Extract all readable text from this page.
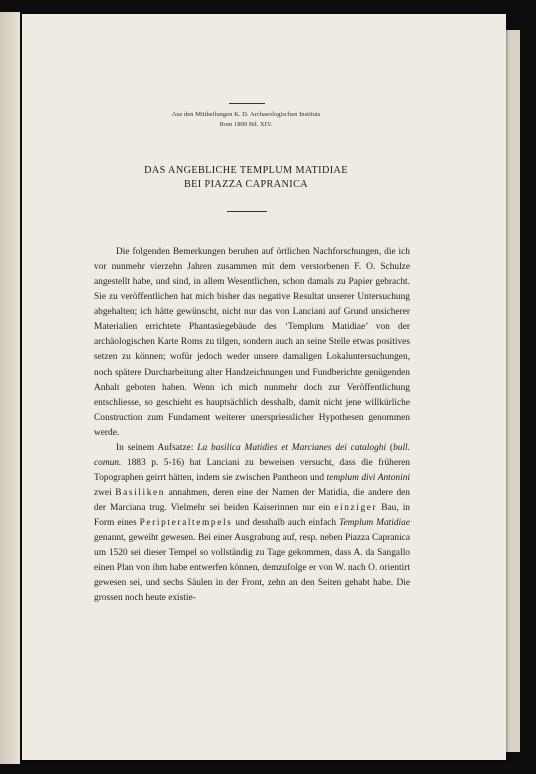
Aus den Mittheilungen K. D. Archaeologischen Instituts
Rom 1899 Bd. XIV.
DAS ANGEBLICHE TEMPLUM MATIDIAE
BEI PIAZZA CAPRANICA

Die folgenden Bemerkungen beruhen auf örtlichen Nachforschungen, die ich vor nunmehr vierzehn Jahren zusammen mit dem verstorbenen F. O. Schulze angestellt habe, und sind, in allem Wesentlichen, schon damals zu Papier gebracht. Sie zu veröffentlichen hat mich bisher das negative Resultat unserer Untersuchung abgehalten; ich hätte gewünscht, nicht nur das von Lanciani auf Grund unsicherer Materialien errichtete Phantasiegebäude des ‘Templum Matidiae’ von der archäologischen Karte Roms zu tilgen, sondern auch an seine Stelle etwas positives setzen zu können; wofür jedoch weder unsere damaligen Lokaluntersuchungen, noch spätere Durcharbeitung alter Handzeichnungen und Fundberichte genügenden Anhalt geboten haben. Wenn ich mich nunmehr doch zur Veröffentlichung entschliesse, so geschieht es hauptsächlich desshalb, damit nicht jene willkürliche Construction zum Fundament weiterer unerspriesslicher Hypothesen genommen werde.

In seinem Aufsatze: La basilica Matidies et Marcianes dei cataloghi (bull. comun. 1883 p. 5-16) hat Lanciani zu beweisen versucht, dass die früheren Topographen geirrt hätten, indem sie zwischen Pantheon und templum divi Antonini zwei Basiliken annahmen, deren eine der Namen der Matidia, die andere den der Marciana trug. Vielmehr sei beiden Kaiserinnen nur ein einziger Bau, in Form eines Peripteraltempels und desshalb auch einfach Templum Matidiae genannt, geweiht gewesen. Bei einer Ausgrabung auf, resp. neben Piazza Capranica um 1520 sei dieser Tempel so vollständig zu Tage gekommen, dass A. da Sangallo einen Plan von ihm habe entwerfen können, demzufolge er von W. nach O. orientirt gewesen sei, und sechs Säulen in der Front, zehn an den Seiten gehabt habe. Die grossen noch heute existie-
